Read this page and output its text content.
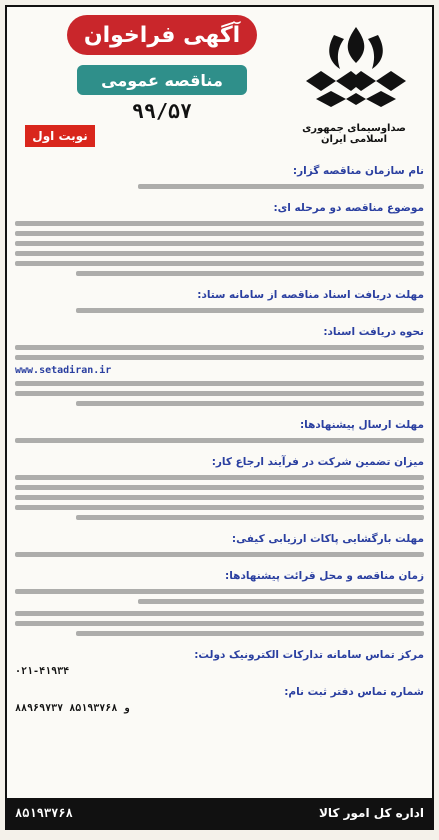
صداوسیمای جمهوری اسلامی ایران
آگهی فراخوان
مناقصه عمومی
۹۹/۵۷
نوبت اول
نام سازمان مناقصه گزار:
موضوع مناقصه دو مرحله ای:
مهلت دریافت اسناد مناقصه از سامانه ستاد:
نحوه دریافت اسناد:
www.setadiran.ir
مهلت ارسال پیشنهادها:
میزان تضمین شرکت در فرآیند ارجاع کار:
مهلت بارگشایی پاکات ارزیابی کیفی:
زمان مناقصه و محل قرائت پیشنهادها:
مرکز تماس سامانه تدارکات الکترونیک دولت:
۰۲۱-۴۱۹۳۴
شماره تماس دفتر ثبت نام:
۸۸۹۶۹۷۳۷ و ۸۵۱۹۳۷۶۸
۸۵۱۹۳۷۶۸	اداره کل امور کالا
